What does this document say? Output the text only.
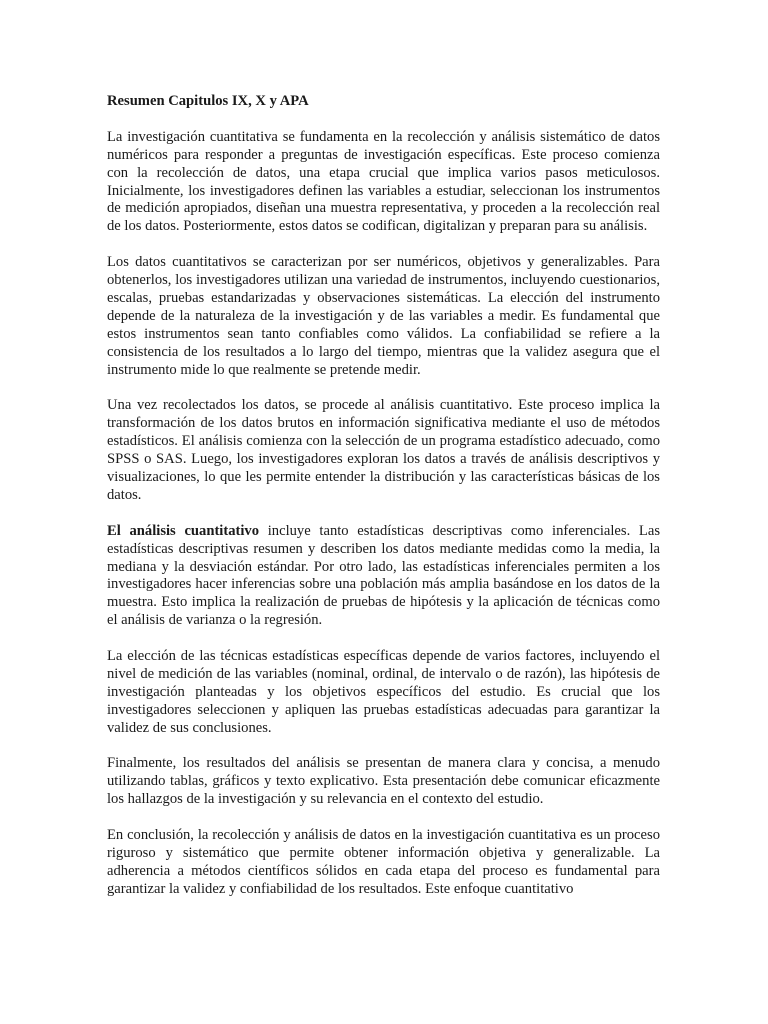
Resumen Capitulos IX, X y APA

La investigación cuantitativa se fundamenta en la recolección y análisis sistemático de datos numéricos para responder a preguntas de investigación específicas. Este proceso comienza con la recolección de datos, una etapa crucial que implica varios pasos meticulosos. Inicialmente, los investigadores definen las variables a estudiar, seleccionan los instrumentos de medición apropiados, diseñan una muestra representativa, y proceden a la recolección real de los datos. Posteriormente, estos datos se codifican, digitalizan y preparan para su análisis.

Los datos cuantitativos se caracterizan por ser numéricos, objetivos y generalizables. Para obtenerlos, los investigadores utilizan una variedad de instrumentos, incluyendo cuestionarios, escalas, pruebas estandarizadas y observaciones sistemáticas. La elección del instrumento depende de la naturaleza de la investigación y de las variables a medir. Es fundamental que estos instrumentos sean tanto confiables como válidos. La confiabilidad se refiere a la consistencia de los resultados a lo largo del tiempo, mientras que la validez asegura que el instrumento mide lo que realmente se pretende medir.

Una vez recolectados los datos, se procede al análisis cuantitativo. Este proceso implica la transformación de los datos brutos en información significativa mediante el uso de métodos estadísticos. El análisis comienza con la selección de un programa estadístico adecuado, como SPSS o SAS. Luego, los investigadores exploran los datos a través de análisis descriptivos y visualizaciones, lo que les permite entender la distribución y las características básicas de los datos.

El análisis cuantitativo incluye tanto estadísticas descriptivas como inferenciales. Las estadísticas descriptivas resumen y describen los datos mediante medidas como la media, la mediana y la desviación estándar. Por otro lado, las estadísticas inferenciales permiten a los investigadores hacer inferencias sobre una población más amplia basándose en los datos de la muestra. Esto implica la realización de pruebas de hipótesis y la aplicación de técnicas como el análisis de varianza o la regresión.

La elección de las técnicas estadísticas específicas depende de varios factores, incluyendo el nivel de medición de las variables (nominal, ordinal, de intervalo o de razón), las hipótesis de investigación planteadas y los objetivos específicos del estudio. Es crucial que los investigadores seleccionen y apliquen las pruebas estadísticas adecuadas para garantizar la validez de sus conclusiones.

Finalmente, los resultados del análisis se presentan de manera clara y concisa, a menudo utilizando tablas, gráficos y texto explicativo. Esta presentación debe comunicar eficazmente los hallazgos de la investigación y su relevancia en el contexto del estudio.

En conclusión, la recolección y análisis de datos en la investigación cuantitativa es un proceso riguroso y sistemático que permite obtener información objetiva y generalizable. La adherencia a métodos científicos sólidos en cada etapa del proceso es fundamental para garantizar la validez y confiabilidad de los resultados. Este enfoque cuantitativo
